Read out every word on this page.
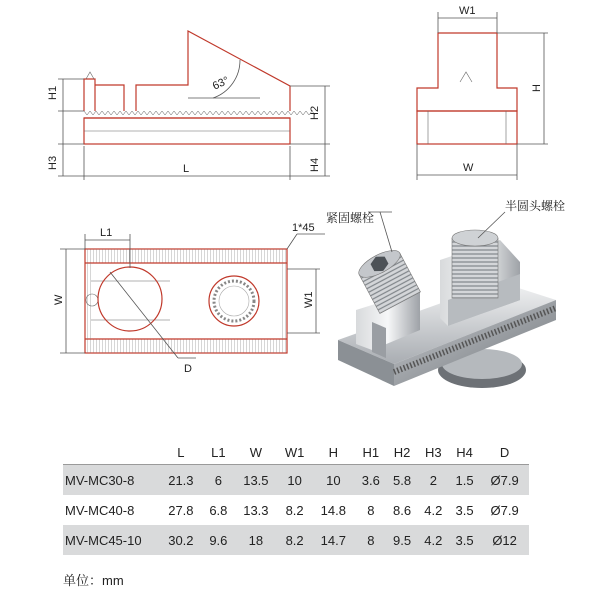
63°
H1
H3	L
H2
H4
W1
H
W
1*45
L1
W	W1
D
紧固螺栓
半圆头螺栓
	L	L1	W	W1	H	H1	H2	H3	H4	D
MV-MC30-8	21.3	6	13.5	10	10	3.6	5.8	2	1.5	Ø7.9
MV-MC40-8	27.8	6.8	13.3	8.2	14.8	8	8.6	4.2	3.5	Ø7.9
MV-MC45-10	30.2	9.6	18	8.2	14.7	8	9.5	4.2	3.5	Ø12
单位：mm
